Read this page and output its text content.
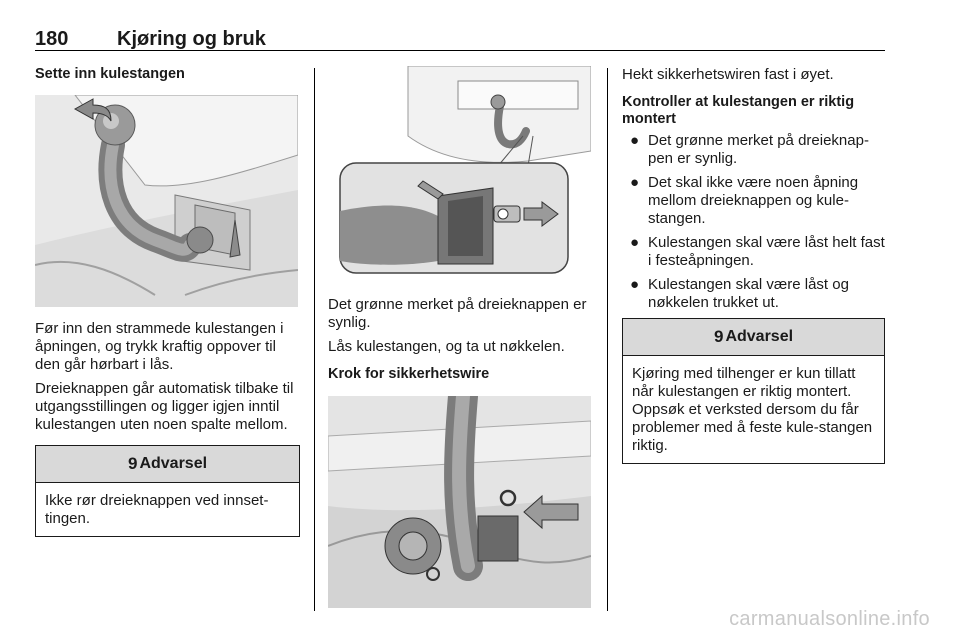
180 Kjøring og bruk
Sette inn kulestangen

Før inn den strammede kulestangen i åpningen, og trykk kraftig oppover til den går hørbart i lås.

Dreieknappen går automatisk tilbake til utgangsstillingen og ligger igjen inntil kulestangen uten noen spalte mellom.

9 Advarsel
Ikke rør dreieknappen ved innset-tingen.

Det grønne merket på dreieknappen er synlig.

Lås kulestangen, og ta ut nøkkelen.

Krok for sikkerhetswire

Hekt sikkerhetswiren fast i øyet.

Kontroller at kulestangen er riktig montert
● Det grønne merket på dreieknap-pen er synlig.
● Det skal ikke være noen åpning mellom dreieknappen og kule-stangen.
● Kulestangen skal være låst helt fast i festeåpningen.
● Kulestangen skal være låst og nøkkelen trukket ut.
9 Advarsel
Kjøring med tilhenger er kun tillatt når kulestangen er riktig montert. Oppsøk et verksted dersom du får problemer med å feste kule-stangen riktig.
carmanualsonline.info
